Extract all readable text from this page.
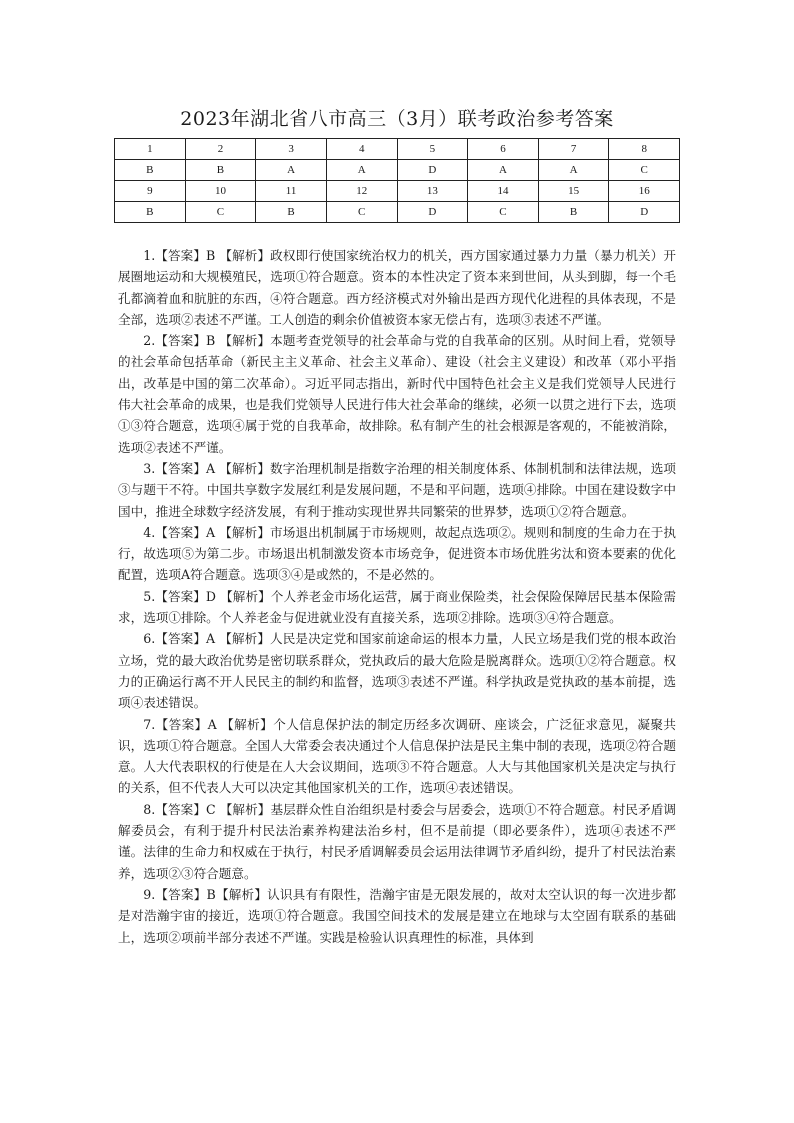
2023年湖北省八市高三（3月）联考政治参考答案
1	2	3	4	5	6	7	8
B	B	A	A	D	A	A	C
9	10	11	12	13	14	15	16
B	C	B	C	D	C	B	D

1.【答案】B 【解析】政权即行使国家统治权力的机关，西方国家通过暴力力量（暴力机关）开展圈地运动和大规模殖民，选项①符合题意。资本的本性决定了资本来到世间，从头到脚，每一个毛孔都滴着血和肮脏的东西，④符合题意。西方经济模式对外输出是西方现代化进程的具体表现，不是全部，选项②表述不严谨。工人创造的剩余价值被资本家无偿占有，选项③表述不严谨。

2.【答案】B 【解析】本题考查党领导的社会革命与党的自我革命的区别。从时间上看，党领导的社会革命包括革命（新民主主义革命、社会主义革命）、建设（社会主义建设）和改革（邓小平指出，改革是中国的第二次革命）。习近平同志指出，新时代中国特色社会主义是我们党领导人民进行伟大社会革命的成果，也是我们党领导人民进行伟大社会革命的继续，必须一以贯之进行下去，选项①③符合题意，选项④属于党的自我革命，故排除。私有制产生的社会根源是客观的，不能被消除，选项②表述不严谨。

3.【答案】A 【解析】数字治理机制是指数字治理的相关制度体系、体制机制和法律法规，选项③与题干不符。中国共享数字发展红利是发展问题，不是和平问题，选项④排除。中国在建设数字中国中，推进全球数字经济发展，有利于推动实现世界共同繁荣的世界梦，选项①②符合题意。

4.【答案】A 【解析】市场退出机制属于市场规则，故起点选项②。规则和制度的生命力在于执行，故选项⑤为第二步。市场退出机制激发资本市场竞争，促进资本市场优胜劣汰和资本要素的优化配置，选项A符合题意。选项③④是或然的，不是必然的。

5.【答案】D 【解析】个人养老金市场化运营，属于商业保险类，社会保险保障居民基本保险需求，选项①排除。个人养老金与促进就业没有直接关系，选项②排除。选项③④符合题意。

6.【答案】A 【解析】人民是决定党和国家前途命运的根本力量，人民立场是我们党的根本政治立场，党的最大政治优势是密切联系群众，党执政后的最大危险是脱离群众。选项①②符合题意。权力的正确运行离不开人民民主的制约和监督，选项③表述不严谨。科学执政是党执政的基本前提，选项④表述错误。

7.【答案】A 【解析】个人信息保护法的制定历经多次调研、座谈会，广泛征求意见，凝聚共识，选项①符合题意。全国人大常委会表决通过个人信息保护法是民主集中制的表现，选项②符合题意。人大代表职权的行使是在人大会议期间，选项③不符合题意。人大与其他国家机关是决定与执行的关系，但不代表人大可以决定其他国家机关的工作，选项④表述错误。

8.【答案】C 【解析】基层群众性自治组织是村委会与居委会，选项①不符合题意。村民矛盾调解委员会，有利于提升村民法治素养构建法治乡村，但不是前提（即必要条件），选项④表述不严谨。法律的生命力和权威在于执行，村民矛盾调解委员会运用法律调节矛盾纠纷，提升了村民法治素养，选项②③符合题意。

9.【答案】B【解析】认识具有有限性，浩瀚宇宙是无限发展的，故对太空认识的每一次进步都是对浩瀚宇宙的接近，选项①符合题意。我国空间技术的发展是建立在地球与太空固有联系的基础上，选项②项前半部分表述不严谨。实践是检验认识真理性的标准，具体到
